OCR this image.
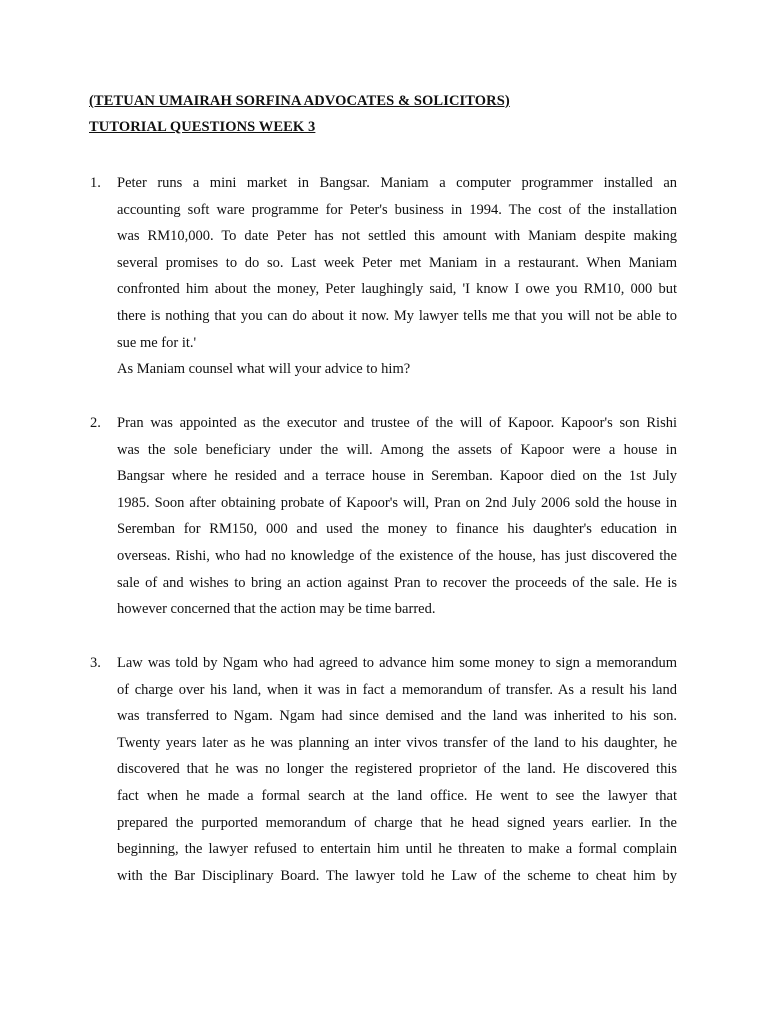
(TETUAN UMAIRAH SORFINA ADVOCATES & SOLICITORS)
TUTORIAL QUESTIONS WEEK 3
1. Peter runs a mini market in Bangsar. Maniam a computer programmer installed an
accounting soft ware programme for Peter's business in 1994. The cost of the installation
was RM10,000. To date Peter has not settled this amount with Maniam despite making
several promises to do so. Last week Peter met Maniam in a restaurant. When Maniam
confronted him about the money, Peter laughingly said, 'I know I owe you RM10, 000 but
there is nothing that you can do about it now. My lawyer tells me that you will not be able to
sue me for it.'
As Maniam counsel what will your advice to him?
2. Pran was appointed as the executor and trustee of the will of Kapoor. Kapoor's son Rishi
was the sole beneficiary under the will. Among the assets of Kapoor were a house in
Bangsar where he resided and a terrace house in Seremban. Kapoor died on the 1st July
1985. Soon after obtaining probate of Kapoor's will, Pran on 2nd July 2006 sold the house in
Seremban for RM150, 000 and used the money to finance his daughter's education in
overseas. Rishi, who had no knowledge of the existence of the house, has just discovered the
sale of and wishes to bring an action against Pran to recover the proceeds of the sale. He is
however concerned that the action may be time barred.
3. Law was told by Ngam who had agreed to advance him some money to sign a memorandum
of charge over his land, when it was in fact a memorandum of transfer. As a result his land
was transferred to Ngam. Ngam had since demised and the land was inherited to his son.
Twenty years later as he was planning an inter vivos transfer of the land to his daughter, he
discovered that he was no longer the registered proprietor of the land. He discovered this
fact when he made a formal search at the land office. He went to see the lawyer that
prepared the purported memorandum of charge that he head signed years earlier. In the
beginning, the lawyer refused to entertain him until he threaten to make a formal complain
with the Bar Disciplinary Board. The lawyer told he Law of the scheme to cheat him by
